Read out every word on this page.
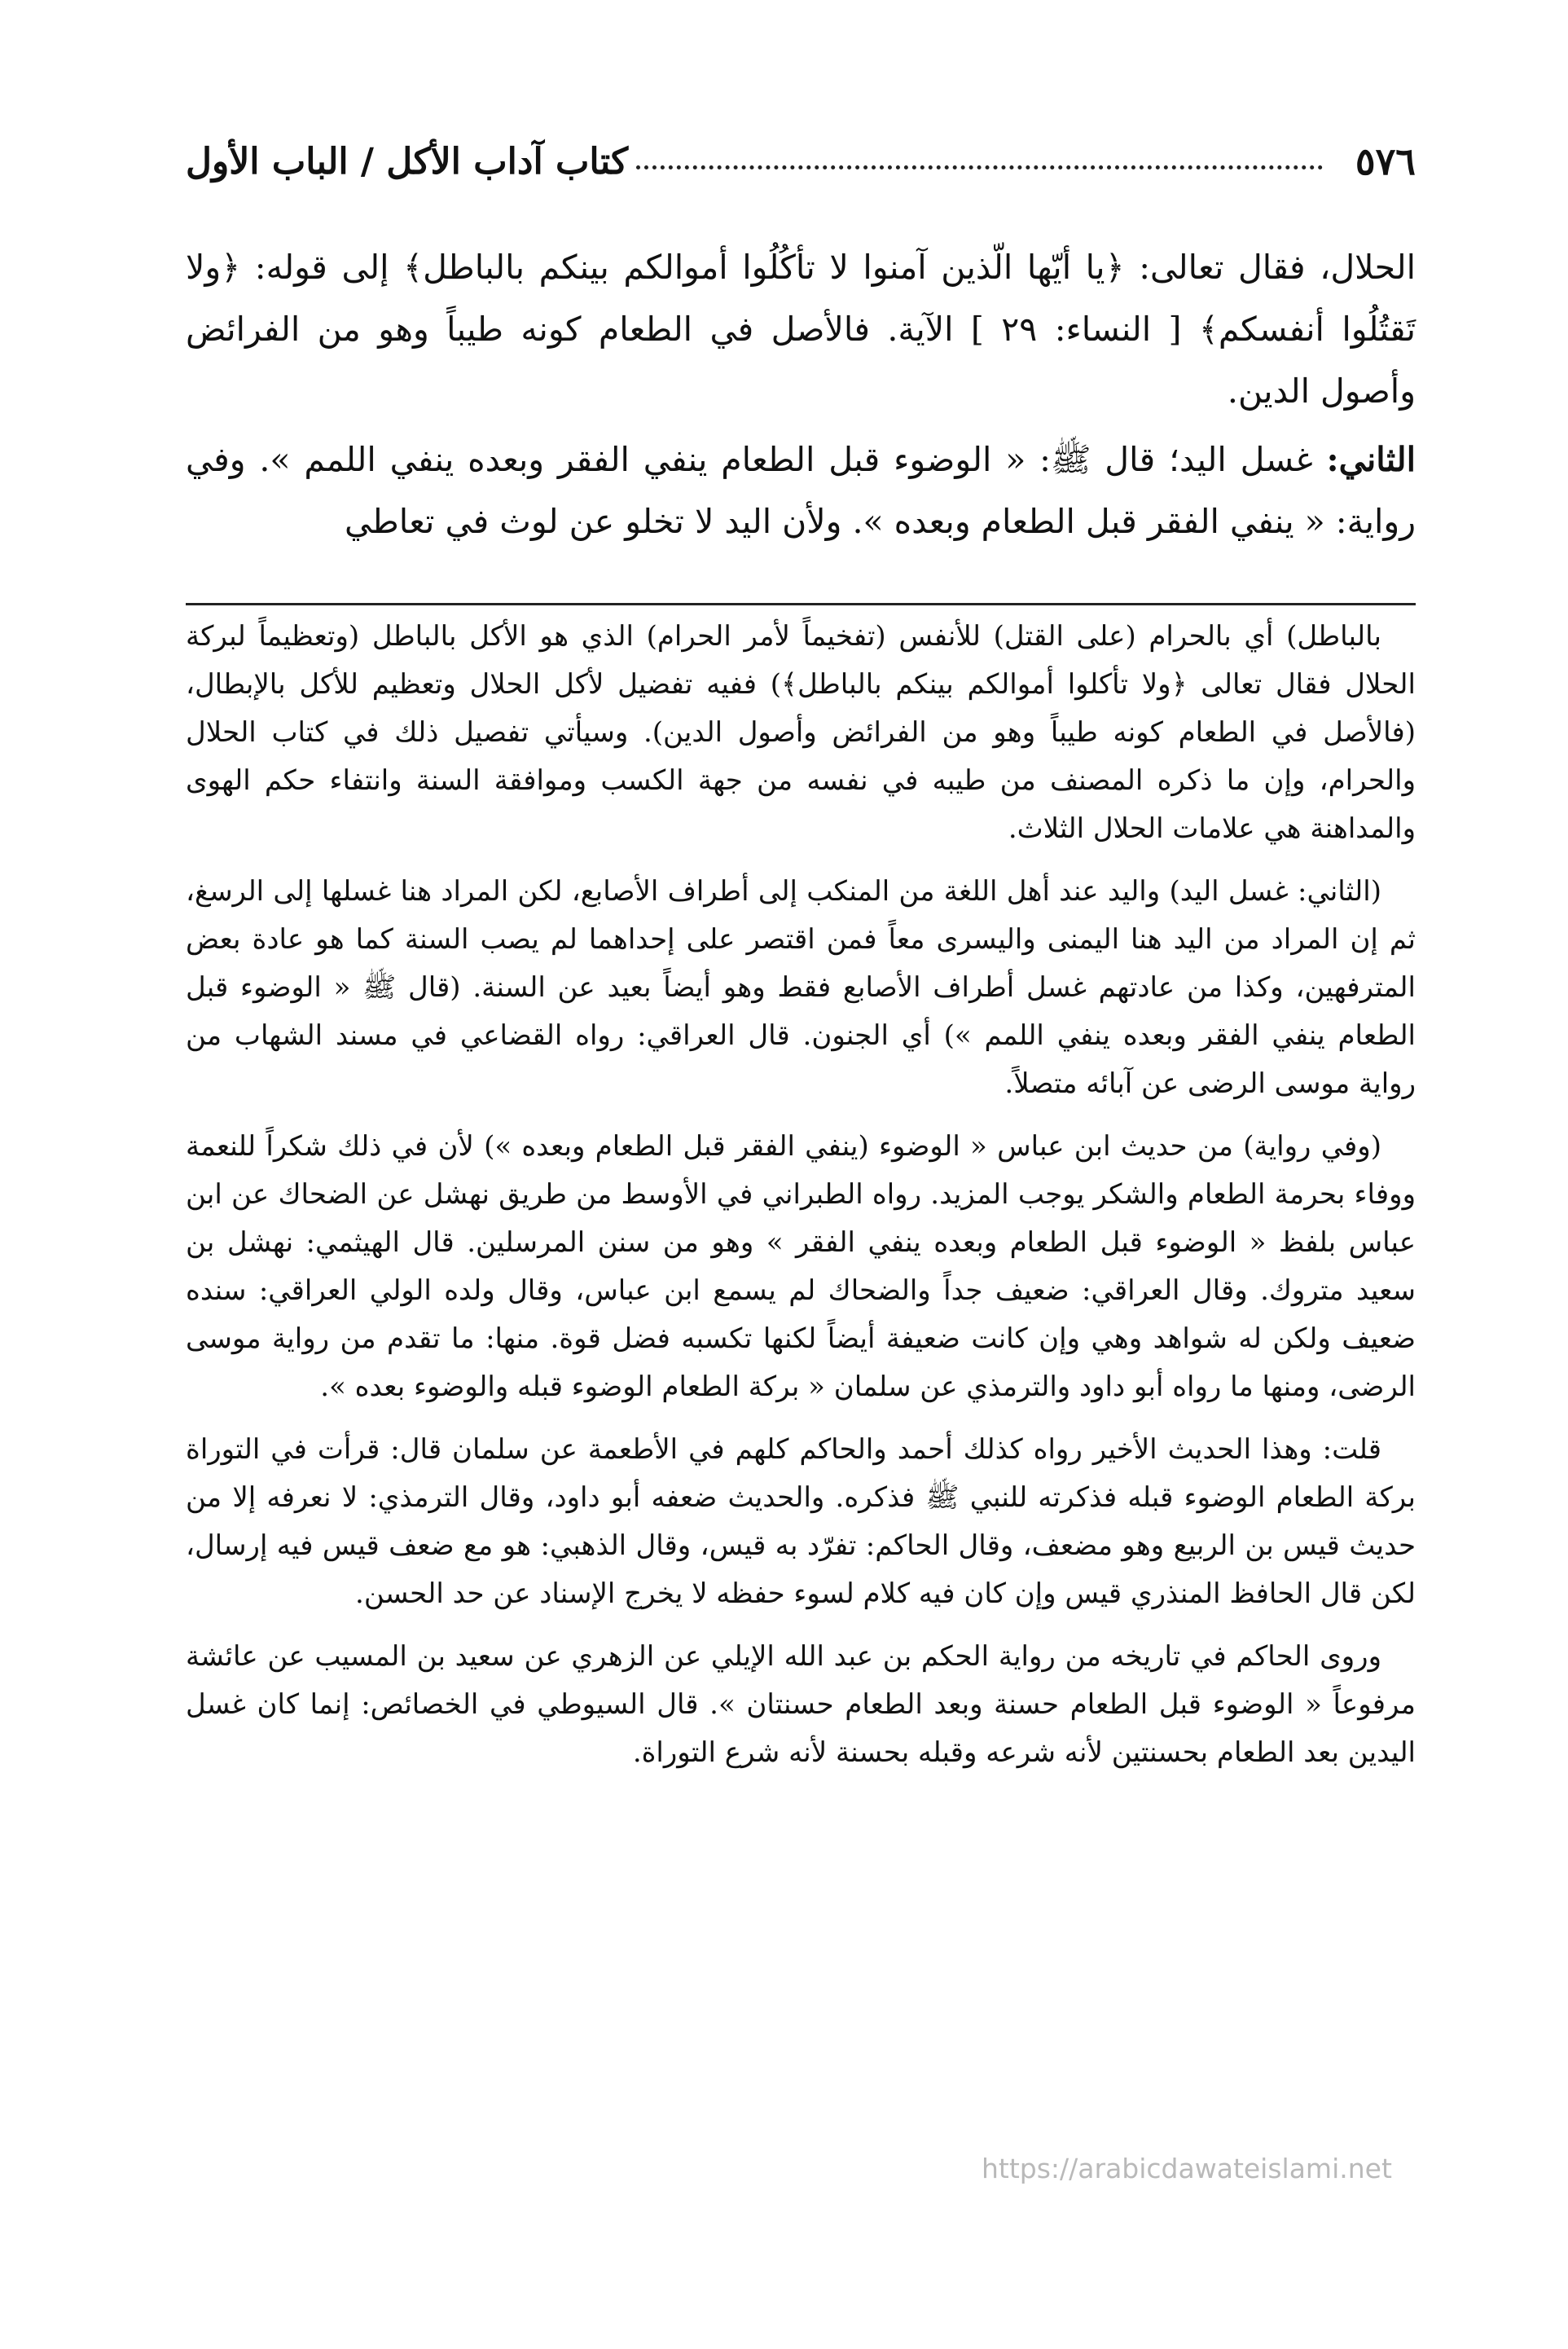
٥٧٦
كتاب آداب الأكل / الباب الأول

الحلال، فقال تعالى: ﴿يا أيّها الّذين آمنوا لا تأكُلُوا أموالكم بينكم بالباطل﴾ إلى قوله: ﴿ولا تَقتُلُوا أنفسكم﴾ [ النساء: ٢٩ ] الآية. فالأصل في الطعام كونه طيباً وهو من الفرائض وأصول الدين.

الثاني: غسل اليد؛ قال ﷺ: « الوضوء قبل الطعام ينفي الفقر وبعده ينفي اللمم ». وفي رواية: « ينفي الفقر قبل الطعام وبعده ». ولأن اليد لا تخلو عن لوث في تعاطي

بالباطل) أي بالحرام (على القتل) للأنفس (تفخيماً لأمر الحرام) الذي هو الأكل بالباطل (وتعظيماً لبركة الحلال فقال تعالى ﴿ولا تأكلوا أموالكم بينكم بالباطل﴾) ففيه تفضيل لأكل الحلال وتعظيم للأكل بالإبطال، (فالأصل في الطعام كونه طيباً وهو من الفرائض وأصول الدين). وسيأتي تفصيل ذلك في كتاب الحلال والحرام، وإن ما ذكره المصنف من طيبه في نفسه من جهة الكسب وموافقة السنة وانتفاء حكم الهوى والمداهنة هي علامات الحلال الثلاث.

(الثاني: غسل اليد) واليد عند أهل اللغة من المنكب إلى أطراف الأصابع، لكن المراد هنا غسلها إلى الرسغ، ثم إن المراد من اليد هنا اليمنى واليسرى معاً فمن اقتصر على إحداهما لم يصب السنة كما هو عادة بعض المترفهين، وكذا من عادتهم غسل أطراف الأصابع فقط وهو أيضاً بعيد عن السنة. (قال ﷺ « الوضوء قبل الطعام ينفي الفقر وبعده ينفي اللمم ») أي الجنون. قال العراقي: رواه القضاعي في مسند الشهاب من رواية موسى الرضى عن آبائه متصلاً.

(وفي رواية) من حديث ابن عباس « الوضوء (ينفي الفقر قبل الطعام وبعده ») لأن في ذلك شكراً للنعمة ووفاء بحرمة الطعام والشكر يوجب المزيد. رواه الطبراني في الأوسط من طريق نهشل عن الضحاك عن ابن عباس بلفظ « الوضوء قبل الطعام وبعده ينفي الفقر » وهو من سنن المرسلين. قال الهيثمي: نهشل بن سعيد متروك. وقال العراقي: ضعيف جداً والضحاك لم يسمع ابن عباس، وقال ولده الولي العراقي: سنده ضعيف ولكن له شواهد وهي وإن كانت ضعيفة أيضاً لكنها تكسبه فضل قوة. منها: ما تقدم من رواية موسى الرضى، ومنها ما رواه أبو داود والترمذي عن سلمان « بركة الطعام الوضوء قبله والوضوء بعده ».

قلت: وهذا الحديث الأخير رواه كذلك أحمد والحاكم كلهم في الأطعمة عن سلمان قال: قرأت في التوراة بركة الطعام الوضوء قبله فذكرته للنبي ﷺ فذكره. والحديث ضعفه أبو داود، وقال الترمذي: لا نعرفه إلا من حديث قيس بن الربيع وهو مضعف، وقال الحاكم: تفرّد به قيس، وقال الذهبي: هو مع ضعف قيس فيه إرسال، لكن قال الحافظ المنذري قيس وإن كان فيه كلام لسوء حفظه لا يخرج الإسناد عن حد الحسن.

وروى الحاكم في تاريخه من رواية الحكم بن عبد الله الإيلي عن الزهري عن سعيد بن المسيب عن عائشة مرفوعاً « الوضوء قبل الطعام حسنة وبعد الطعام حسنتان ». قال السيوطي في الخصائص: إنما كان غسل اليدين بعد الطعام بحسنتين لأنه شرعه وقبله بحسنة لأنه شرع التوراة.

https://arabicdawateislami.net
